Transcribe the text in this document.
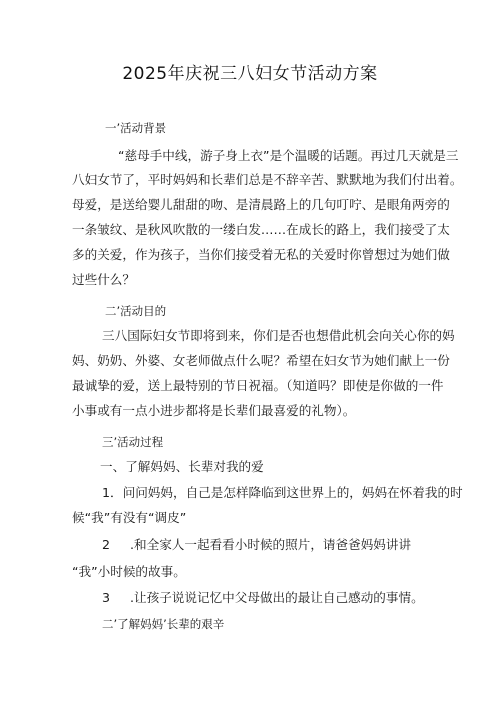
2025年庆祝三八妇女节活动方案
一’活动背景
“慈母手中线，游子身上衣”是个温暖的话题。再过几天就是三
八妇女节了，平时妈妈和长辈们总是不辞辛苦、默默地为我们付出着。
母爱，是送给婴儿甜甜的吻、是清晨路上的几句叮咛、是眼角两旁的
一条皱纹、是秋风吹散的一缕白发……在成长的路上，我们接受了太
多的关爱，作为孩子，当你们接受着无私的关爱时你曾想过为她们做
过些什么？
二’活动目的
三八国际妇女节即将到来，你们是否也想借此机会向关心你的妈
妈、奶奶、外婆、女老师做点什么呢？希望在妇女节为她们献上一份
最诚挚的爱，送上最特别的节日祝福。（知道吗？即使是你做的一件
小事或有一点小进步都将是长辈们最喜爱的礼物）。
三’活动过程
一、了解妈妈、长辈对我的爱
1．问问妈妈，自己是怎样降临到这世界上的，妈妈在怀着我的时
候“我”有没有“调皮”
2 .和全家人一起看看小时候的照片，请爸爸妈妈讲讲
“我”小时候的故事。
3 .让孩子说说记忆中父母做出的最让自己感动的事情。
二’了解妈妈’长辈的艰辛
